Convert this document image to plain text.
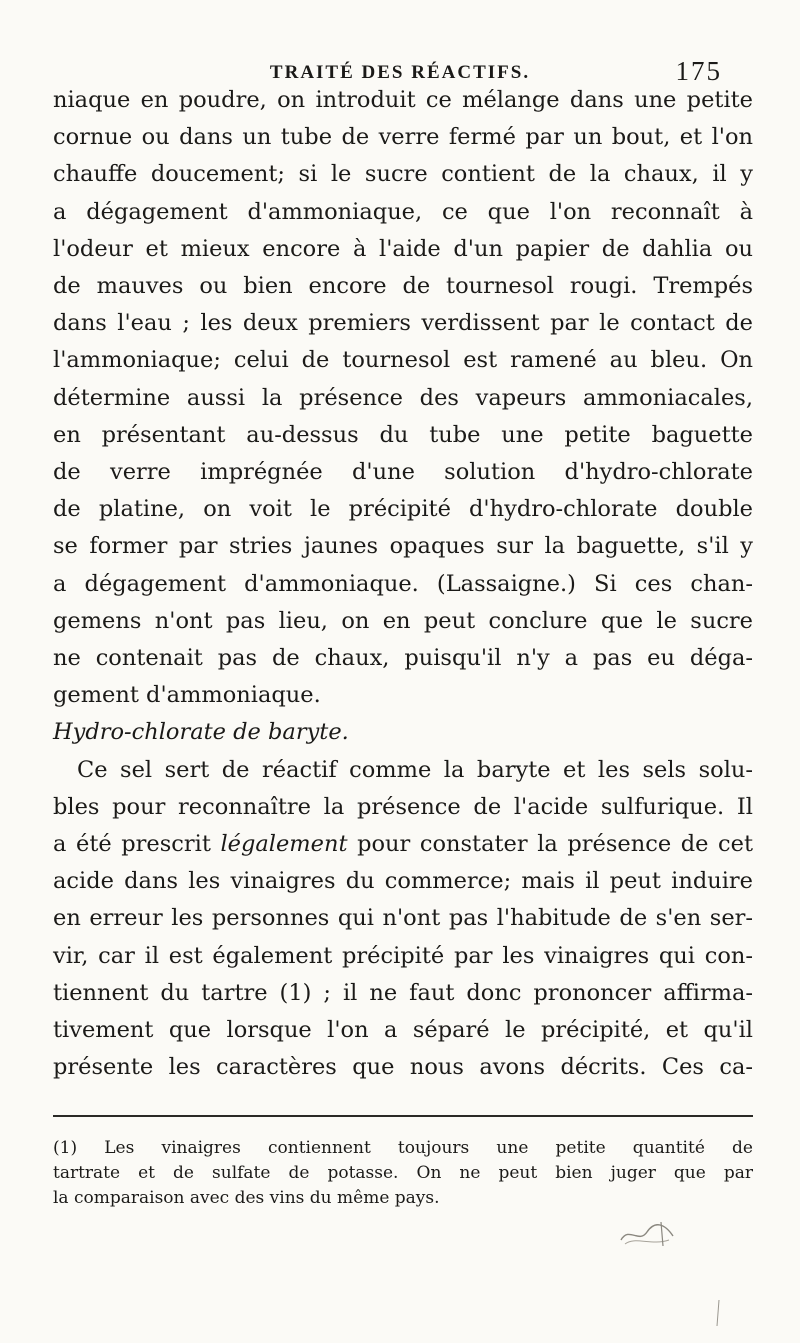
TRAITÉ DES RÉACTIFS.	175
niaque en poudre, on introduit ce mélange dans une petite
cornue ou dans un tube de verre fermé par un bout, et l'on
chauffe doucement; si le sucre contient de la chaux, il y
a dégagement d'ammoniaque, ce que l'on reconnaît à
l'odeur et mieux encore à l'aide d'un papier de dahlia ou
de mauves ou bien encore de tournesol rougi. Trempés
dans l'eau ; les deux premiers verdissent par le contact de
l'ammoniaque; celui de tournesol est ramené au bleu. On
détermine aussi la présence des vapeurs ammoniacales,
en présentant au-dessus du tube une petite baguette
de verre imprégnée d'une solution d'hydro-chlorate
de platine, on voit le précipité d'hydro-chlorate double
se former par stries jaunes opaques sur la baguette, s'il y
a dégagement d'ammoniaque. (Lassaigne.) Si ces chan-
gemens n'ont pas lieu, on en peut conclure que le sucre
ne contenait pas de chaux, puisqu'il n'y a pas eu déga-
gement d'ammoniaque.
Hydro-chlorate de baryte.
Ce sel sert de réactif comme la baryte et les sels solu-
bles pour reconnaître la présence de l'acide sulfurique. Il
a été prescrit légalement pour constater la présence de cet
acide dans les vinaigres du commerce; mais il peut induire
en erreur les personnes qui n'ont pas l'habitude de s'en ser-
vir, car il est également précipité par les vinaigres qui con-
tiennent du tartre (1) ; il ne faut donc prononcer affirma-
tivement que lorsque l'on a séparé le précipité, et qu'il
présente les caractères que nous avons décrits. Ces ca-
(1) Les vinaigres contiennent toujours une petite quantité de
tartrate et de sulfate de potasse. On ne peut bien juger que par
la comparaison avec des vins du même pays.
